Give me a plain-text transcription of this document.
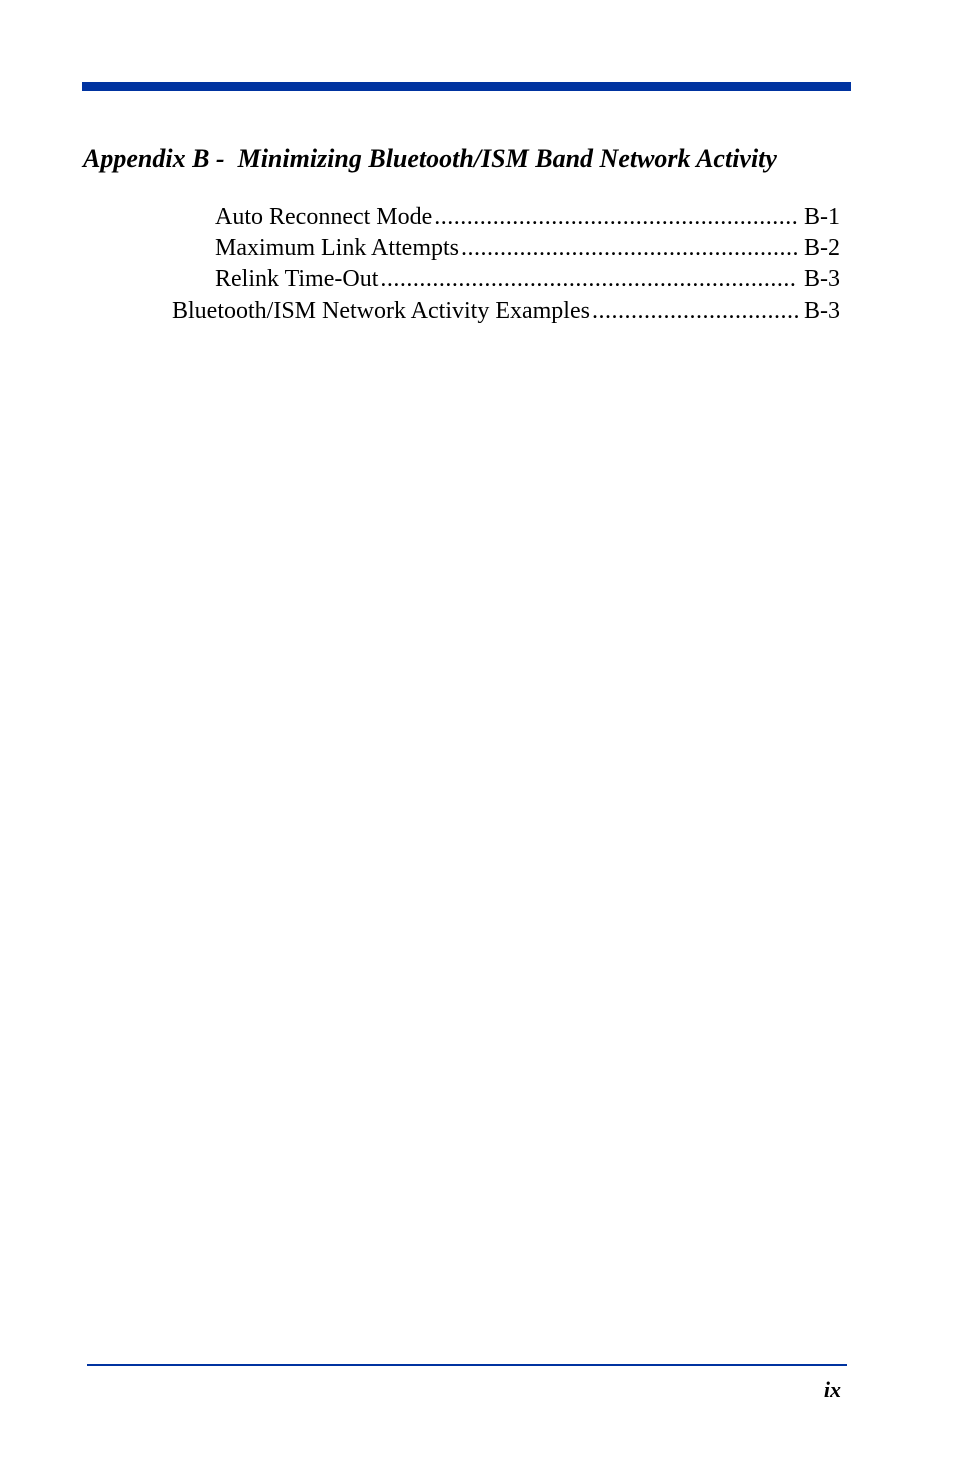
Appendix B - Minimizing Bluetooth/ISM Band Network Activity
Auto Reconnect Mode .....	B-1
Maximum Link Attempts .....	B-2
Relink Time-Out .....	B-3
Bluetooth/ISM Network Activity Examples .....	B-3
ix
